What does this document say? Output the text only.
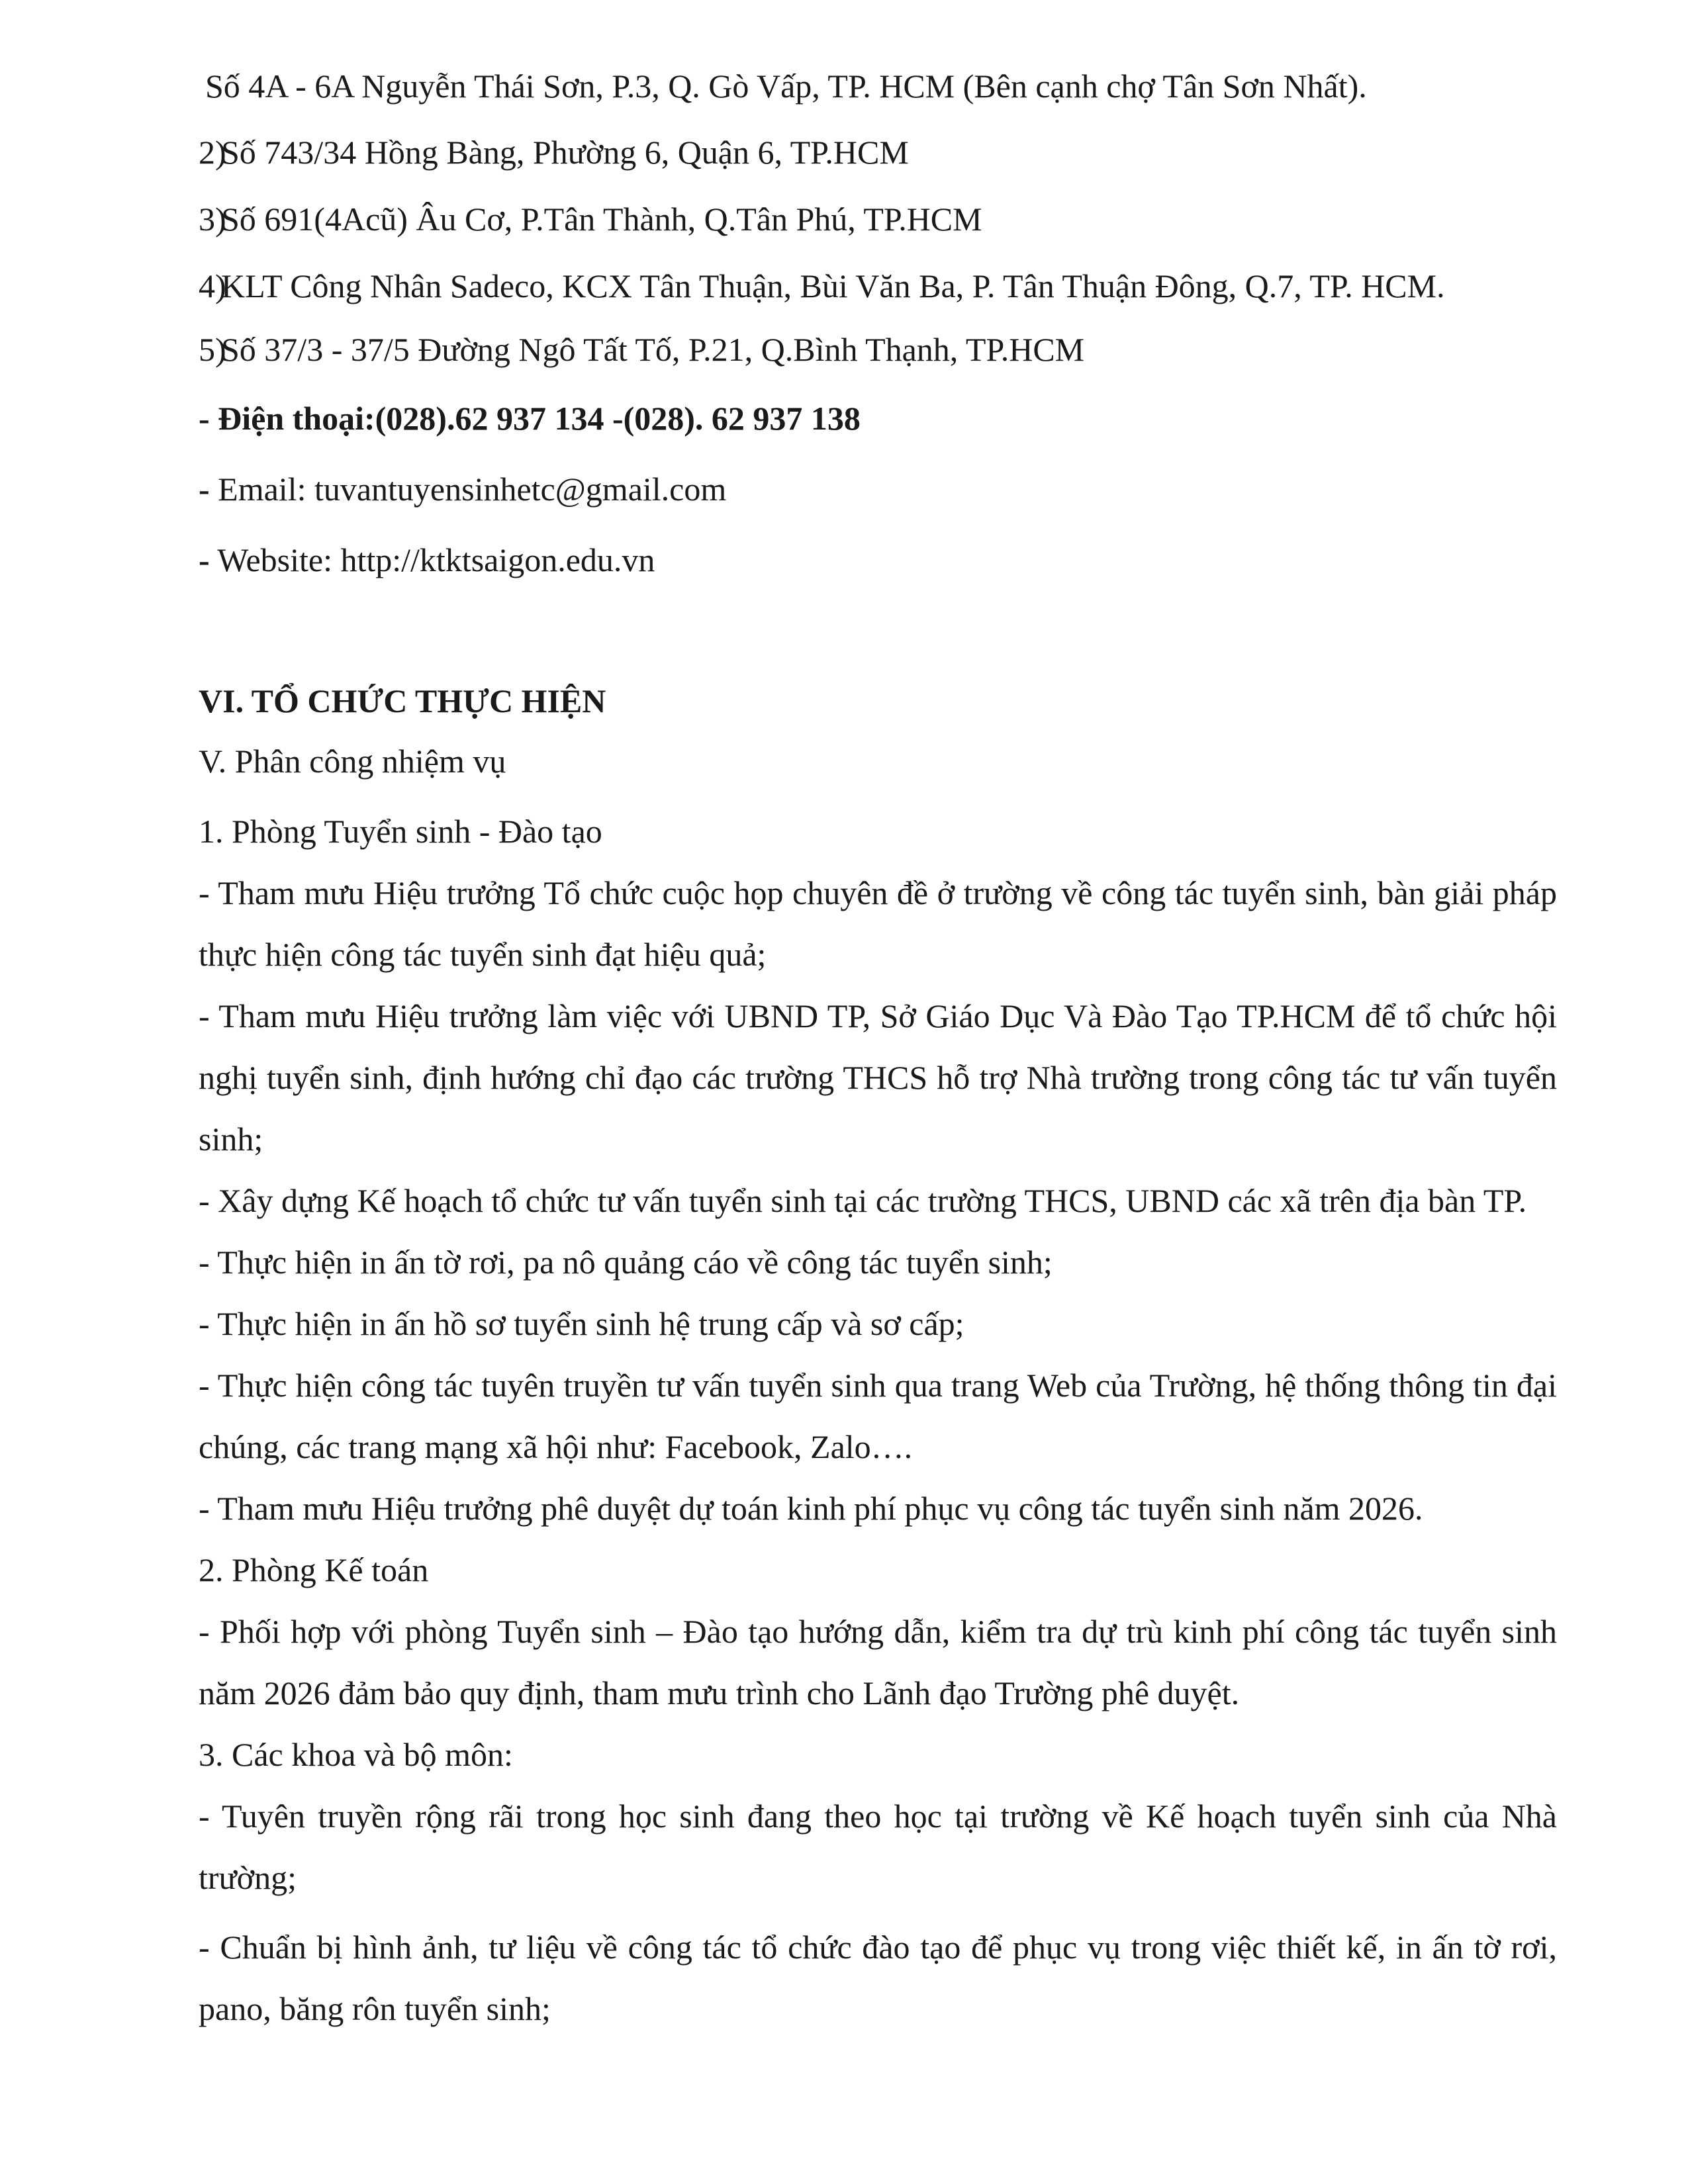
Số 4A - 6A Nguyễn Thái Sơn, P.3, Q. Gò Vấp, TP. HCM (Bên cạnh chợ Tân Sơn Nhất).

2)
Số 743/34 Hồng Bàng, Phường 6, Quận 6, TP.HCM
3)
Số 691(4Acũ) Âu Cơ, P.Tân Thành, Q.Tân Phú, TP.HCM
4)
KLT Công Nhân Sadeco, KCX Tân Thuận, Bùi Văn Ba, P. Tân Thuận Đông, Q.7, TP. HCM.
5)
Số 37/3 - 37/5 Đường Ngô Tất Tố, P.21, Q.Bình Thạnh, TP.HCM

- Điện thoại:(028).62 937 134 -(028). 62 937 138

- Email: tuvantuyensinhetc@gmail.com

- Website: http://ktktsaigon.edu.vn

VI. TỔ CHỨC THỰC HIỆN

V. Phân công nhiệm vụ

1. Phòng Tuyển sinh - Đào tạo

- Tham mưu Hiệu trưởng Tổ chức cuộc họp chuyên đề ở trường về công tác tuyển sinh, bàn giải pháp thực hiện công tác tuyển sinh đạt hiệu quả;

- Tham mưu Hiệu trưởng làm việc với UBND TP, Sở Giáo Dục Và Đào Tạo TP.HCM để tổ chức hội nghị tuyển sinh, định hướng chỉ đạo các trường THCS hỗ trợ Nhà trường trong công tác tư vấn tuyển sinh;

- Xây dựng Kế hoạch tổ chức tư vấn tuyển sinh tại các trường THCS, UBND các xã trên địa bàn TP.

- Thực hiện in ấn tờ rơi, pa nô quảng cáo về công tác tuyển sinh;

- Thực hiện in ấn hồ sơ tuyển sinh hệ trung cấp và sơ cấp;

- Thực hiện công tác tuyên truyền tư vấn tuyển sinh qua trang Web của Trường, hệ thống thông tin đại chúng, các trang mạng xã hội như: Facebook, Zalo….

- Tham mưu Hiệu trưởng phê duyệt dự toán kinh phí phục vụ công tác tuyển sinh năm 2026.

2. Phòng Kế toán

- Phối hợp với phòng Tuyển sinh – Đào tạo hướng dẫn, kiểm tra dự trù kinh phí công tác tuyển sinh năm 2026 đảm bảo quy định, tham mưu trình cho Lãnh đạo Trường phê duyệt.

3. Các khoa và bộ môn:

- Tuyên truyền rộng rãi trong học sinh đang theo học tại trường về Kế hoạch tuyển sinh của Nhà trường;

- Chuẩn bị hình ảnh, tư liệu về công tác tổ chức đào tạo để phục vụ trong việc thiết kế, in ấn tờ rơi, pano, băng rôn tuyển sinh;
